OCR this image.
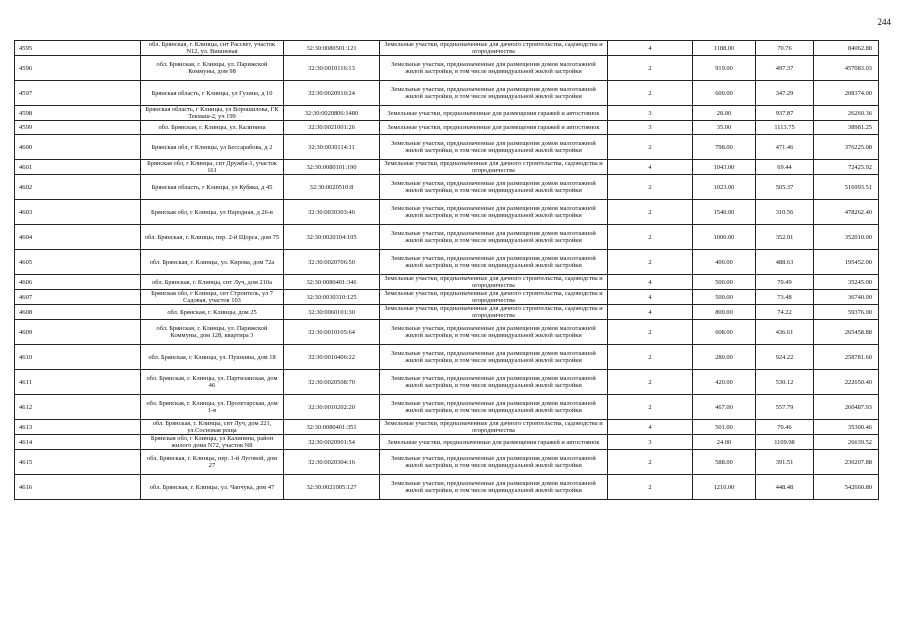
244
4595	обл. Брянская, г. Клинцы, снт Рассвет, участок N12, ул. Вишневая	32:30:0080501:121	Земельные участки, предназначенные для дачного строительства, садоводства и огородничества	4	1188.00	70.76	84062.88
4596	обл. Брянская, г. Клинцы, ул. Парижской Коммуны, дом 98	32:30:0010116:13	Земельные участки, предназначенные для размещения домов малоэтажной жилой застройки, в том числе индивидуальной жилой застройки	2	919.00	497.37	457083.03
4597	Брянская область, г Клинцы, ул Гузина, д 10	32:30:0020910:24	Земельные участки, предназначенные для размещения домов малоэтажной жилой застройки, в том числе индивидуальной жилой застройки	2	600.00	347.29	208374.00
4598	Брянская область, г Клинцы, ул Ворошилова, ГК Текмаш-2, уч 199	32:30:0020806:1480	Земельные участки, предназначенные для размещения гаражей и автостоянок	3	28.00	937.87	26260.36
4599	обл. Брянская, г. Клинцы, ул. Калинина	32:30:0021001:26	Земельные участки, предназначенные для размещения гаражей и автостоянок	3	35.00	1113.75	38981.25
4600	Брянская обл, г Клинцы, ул Бессарабова, д 2	32:30:0030114:11	Земельные участки, предназначенные для размещения домов малоэтажной жилой застройки, в том числе индивидуальной жилой застройки	2	798.00	471.46	376225.08
4601	Брянская обл, г Клинцы, снт Дружба-1, участок 161	32:30:0080101:190	Земельные участки, предназначенные для дачного строительства, садоводства и огородничества	4	1043.00	69.44	72425.92
4602	Брянская область, г Клинцы, ул Кубяка, д 45	32:30:0020510:8	Земельные участки, предназначенные для размещения домов малоэтажной жилой застройки, в том числе индивидуальной жилой застройки	2	1023.00	505.37	516993.51
4603	Брянская обл, г Клинцы, ул Народная, д 26-в	32:30:0030303:46	Земельные участки, предназначенные для размещения домов малоэтажной жилой застройки, в том числе индивидуальной жилой застройки	2	1540.00	310.56	478262.40
4604	обл. Брянская, г. Клинцы, пер. 2-й Щорса, дом 75	32:30:0020104:105	Земельные участки, предназначенные для размещения домов малоэтажной жилой застройки, в том числе индивидуальной жилой застройки	2	1000.00	352.01	352010.00
4605	обл. Брянская, г. Клинцы, ул. Кирова, дом 72а	32:30:0020706:50	Земельные участки, предназначенные для размещения домов малоэтажной жилой застройки, в том числе индивидуальной жилой застройки	2	400.00	488.63	195452.00
4606	обл. Брянская, г. Клинцы, снт Луч, дом 210а	32:30:0080401:346	Земельные участки, предназначенные для дачного строительства, садоводства и огородничества	4	500.00	70.49	35245.00
4607	Брянская обл, г Клинцы, снт Строитель, ул 7 Садовая, участок 103	32:30:0030310:125	Земельные участки, предназначенные для дачного строительства, садоводства и огородничества	4	500.00	73.48	36740.00
4608	обл. Брянская, г. Клинцы, дом 25	32:30:0060101:30	Земельные участки, предназначенные для дачного строительства, садоводства и огородничества	4	800.00	74.22	59376.00
4609	обл. Брянская, г. Клинцы, ул. Парижской Коммуны, дом 128, квартира 3	32:30:0010105:64	Земельные участки, предназначенные для размещения домов малоэтажной жилой застройки, в том числе индивидуальной жилой застройки	2	608.00	436.61	265458.88
4610	обл. Брянская, г. Клинцы, ул. Пушкина, дом 18	32:30:0010406:22	Земельные участки, предназначенные для размещения домов малоэтажной жилой застройки, в том числе индивидуальной жилой застройки	2	280.00	924.22	258781.60
4611	обл. Брянская, г. Клинцы, ул. Партизанская, дом 46	32:30:0020508:70	Земельные участки, предназначенные для размещения домов малоэтажной жилой застройки, в том числе индивидуальной жилой застройки	2	420.00	530.12	222650.40
4612	обл. Брянская, г. Клинцы, ул. Пролетарская, дом 1-в	32:30:0010202:20	Земельные участки, предназначенные для размещения домов малоэтажной жилой застройки, в том числе индивидуальной жилой застройки	2	467.00	557.79	260487.93
4613	обл. Брянская, г. Клинцы, снт Луч, дом 221, ул.Сосновая роща	32:30:0080401:351	Земельные участки, предназначенные для дачного строительства, садоводства и огородничества	4	501.00	70.46	35300.46
4614	Брянская обл, г Клинцы, ул Калинина, район жилого дома N72, участок N8	32:30:0020901:54	Земельные участки, предназначенные для размещения гаражей и автостоянок	3	24.00	1109.98	26639.52
4615	обл. Брянская, г. Клинцы, пер. 1-й Луговой, дом 27	32:30:0020304:16	Земельные участки, предназначенные для размещения домов малоэтажной жилой застройки, в том числе индивидуальной жилой застройки	2	588.00	391.51	230207.88
4616	обл. Брянская, г. Клинцы, ул. Чапчука, дом 47	32:30:0021005:127	Земельные участки, предназначенные для размещения домов малоэтажной жилой застройки, в том числе индивидуальной жилой застройки	2	1210.00	448.48	542660.80
